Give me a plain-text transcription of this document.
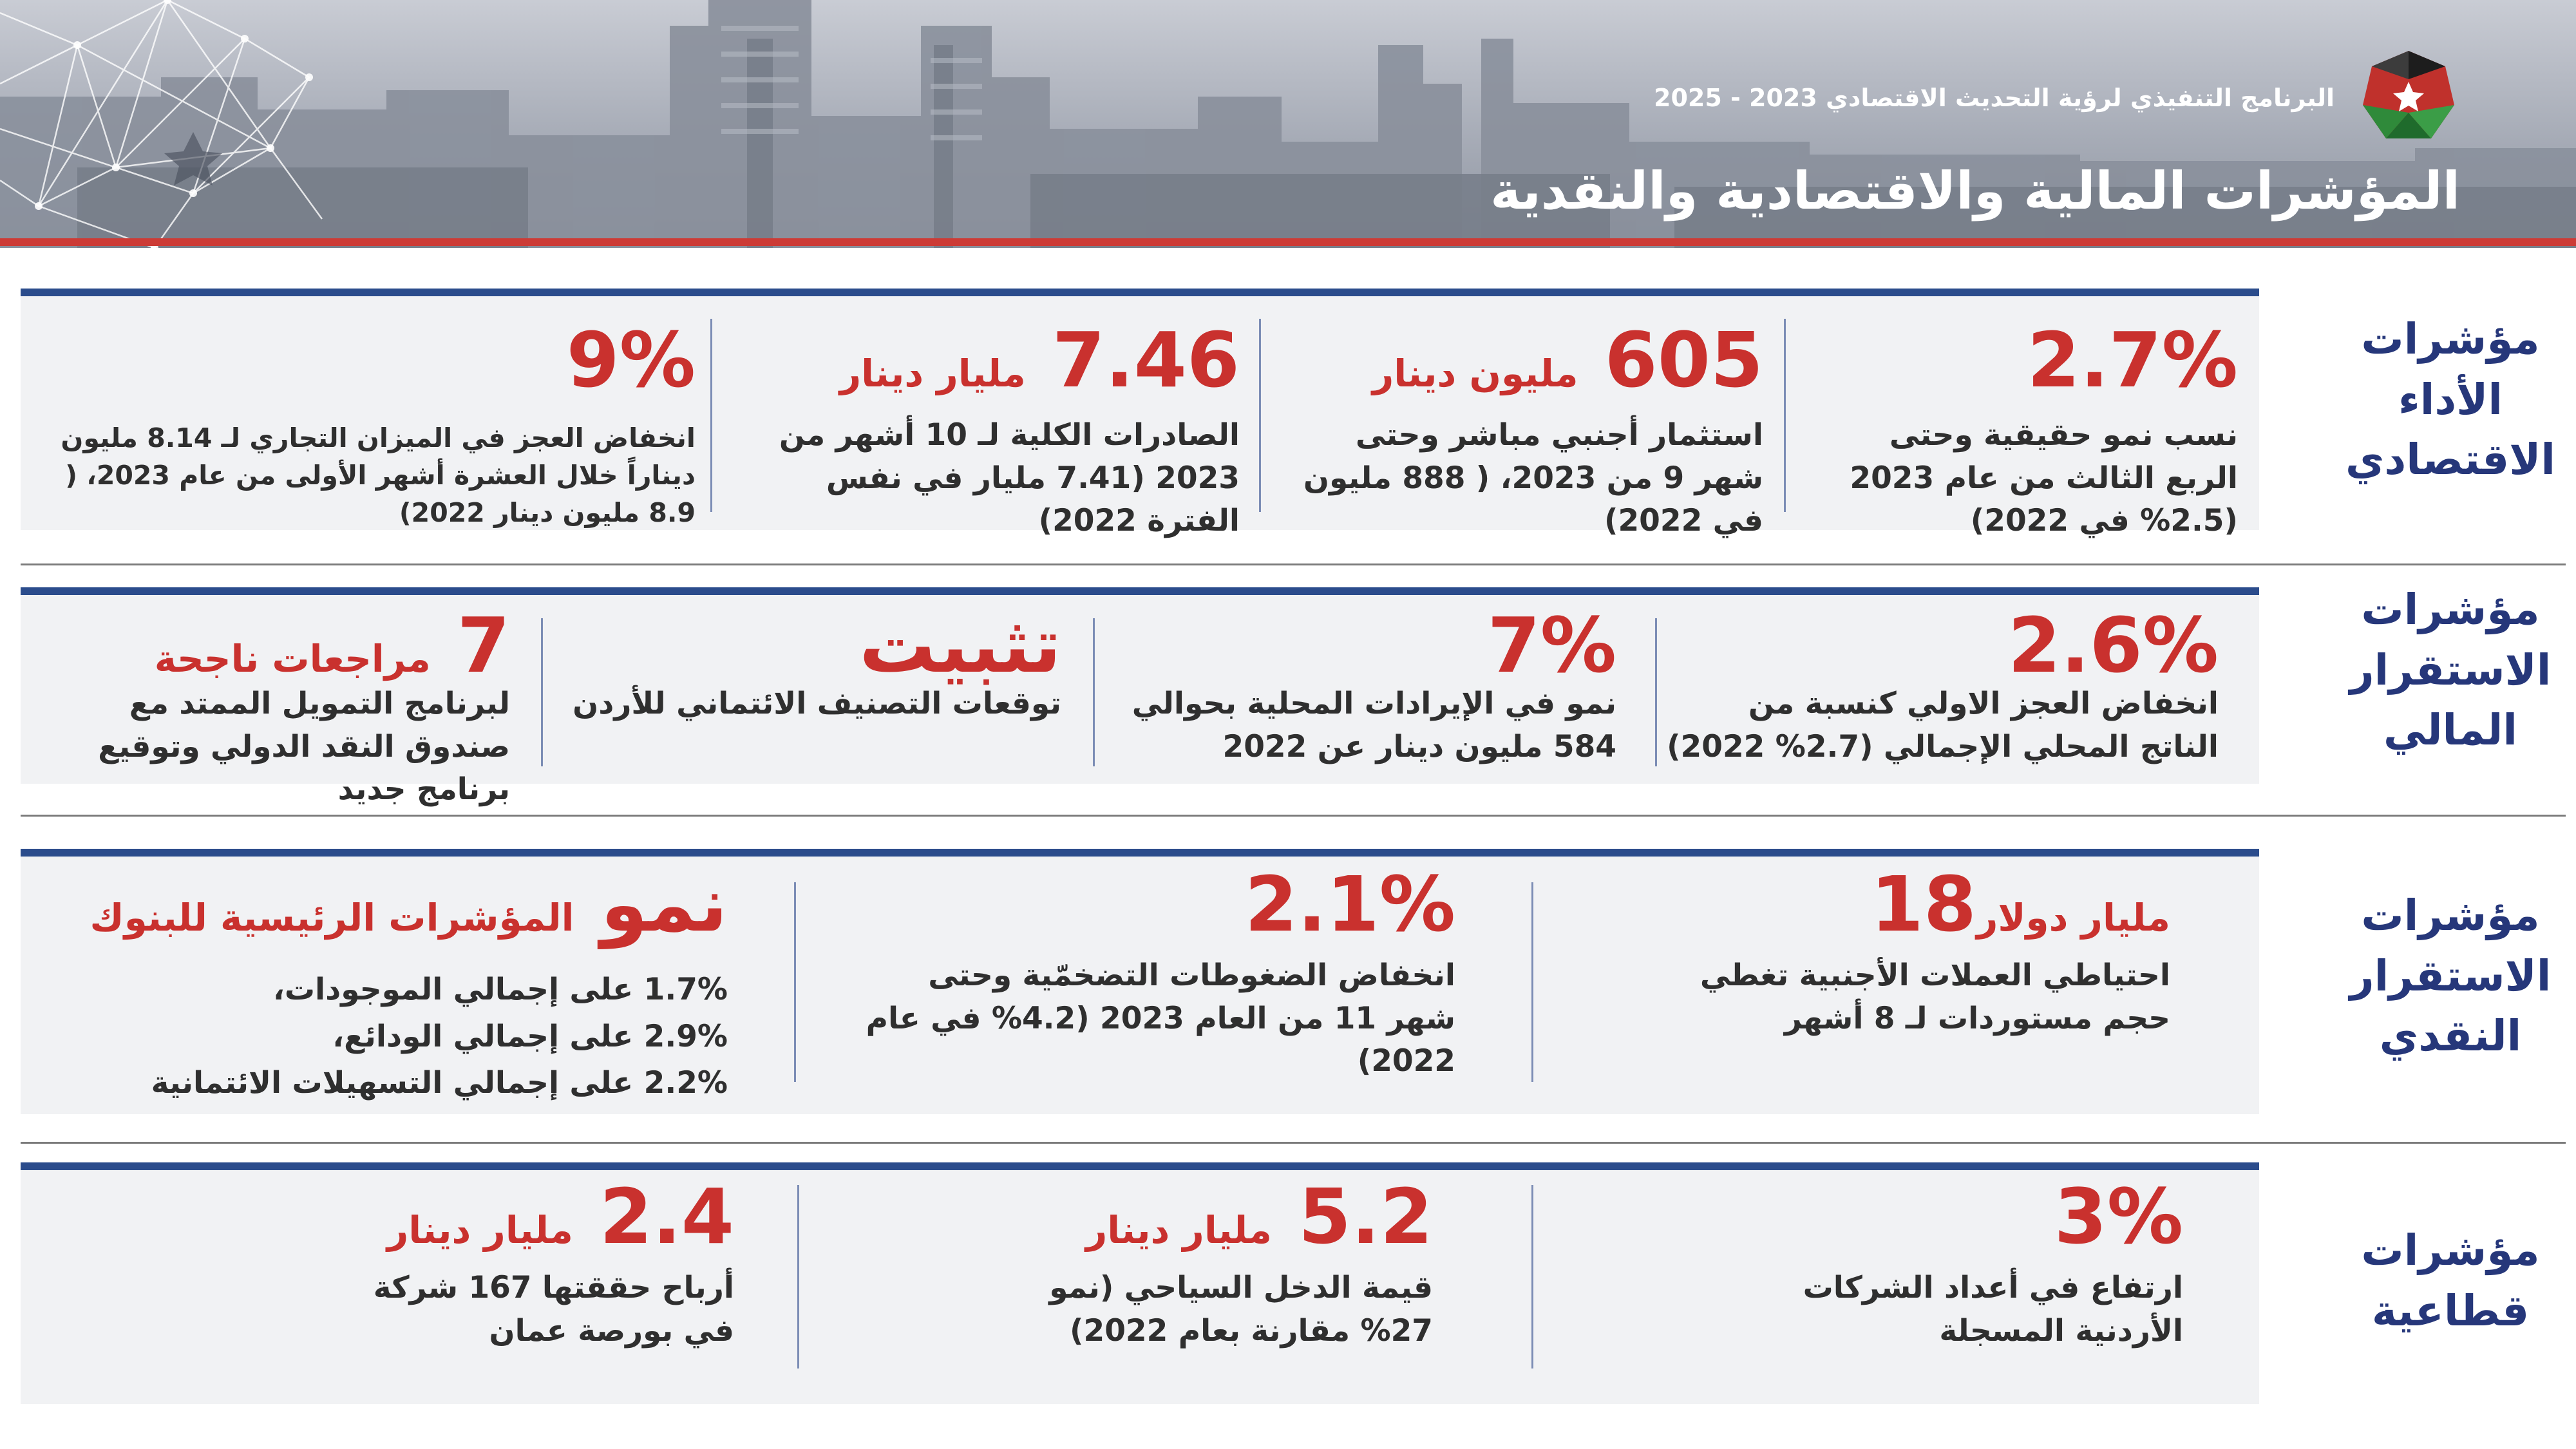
البرنامج التنفيذي لرؤية التحديث الاقتصادي 2023 - 2025
المؤشرات المالية والاقتصادية والنقدية
مؤشرات الأداء الاقتصادي
2.7%
نسب نمو حقيقية وحتى الربع الثالث من عام 2023 (2.5% في 2022)
605 مليون دينار
استثمار أجنبي مباشر وحتى شهر 9 من 2023، ( 888 مليون في 2022)
7.46 مليار دينار
الصادرات الكلية لـ 10 أشهر من 2023 (7.41 مليار في نفس الفترة 2022)
9%
انخفاض العجز في الميزان التجاري لـ 8.14 مليون ديناراً خلال العشرة أشهر الأولى من عام 2023، ( 8.9 مليون دينار 2022)
مؤشرات الاستقرار المالي
2.6%
انخفاض العجز الاولي كنسبة من الناتج المحلي الإجمالي (2.7% 2022)
7%
نمو في الإيرادات المحلية بحوالي 584 مليون دينار عن 2022
تثبيت
توقعات التصنيف الائتماني للأردن
7 مراجعات ناجحة
لبرنامج التمويل الممتد مع صندوق النقد الدولي وتوقيع برنامج جديد
مؤشرات الاستقرار النقدي
مليار دولار18
احتياطي العملات الأجنبية تغطي حجم مستوردات لـ 8 أشهر
2.1%
انخفاض الضغوطات التضخمّية وحتى شهر 11 من العام 2023 (4.2% في عام 2022)
نمو المؤشرات الرئيسية للبنوك
1.7% على إجمالي الموجودات،
2.9% على إجمالي الودائع،
2.2% على إجمالي التسهيلات الائتمانية
مؤشرات قطاعية
3%
ارتفاع في أعداد الشركات الأردنية المسجلة
5.2 مليار دينار
قيمة الدخل السياحي (نمو 27% مقارنة بعام 2022)
2.4 مليار دينار
أرباح حققتها 167 شركة في بورصة عمان
